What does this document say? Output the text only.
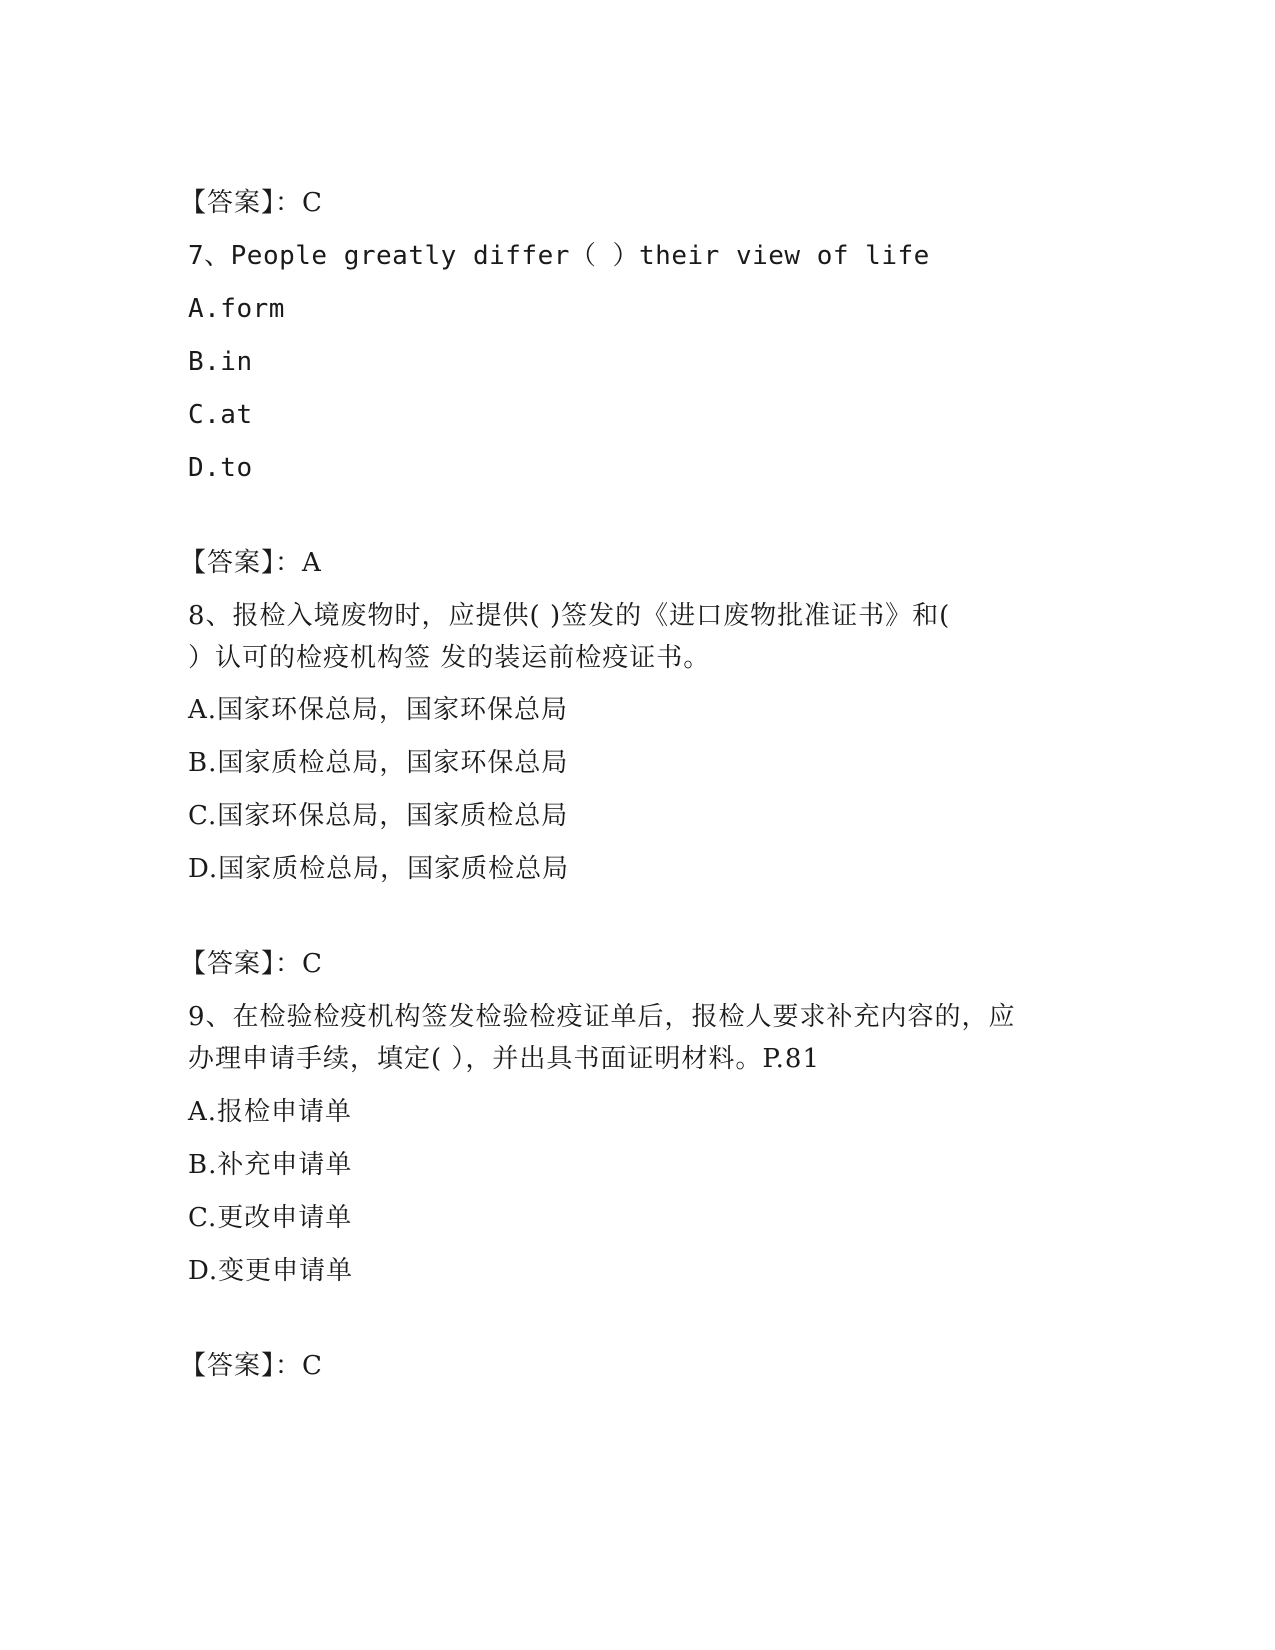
【答案】：C
7、People greatly differ（ ）their view of life
A.form
B.in
C.at
D.to
【答案】：A
8、报检入境废物时，应提供( )签发的《进口废物批准证书》和(
）认可的检疫机构签 发的装运前检疫证书。
A.国家环保总局，国家环保总局
B.国家质检总局，国家环保总局
C.国家环保总局，国家质检总局
D.国家质检总局，国家质检总局
【答案】：C
9、在检验检疫机构签发检验检疫证单后，报检人要求补充内容的，应
办理申请手续，填定( ），并出具书面证明材料。P.81
A.报检申请单
B.补充申请单
C.更改申请单
D.变更申请单
【答案】：C
